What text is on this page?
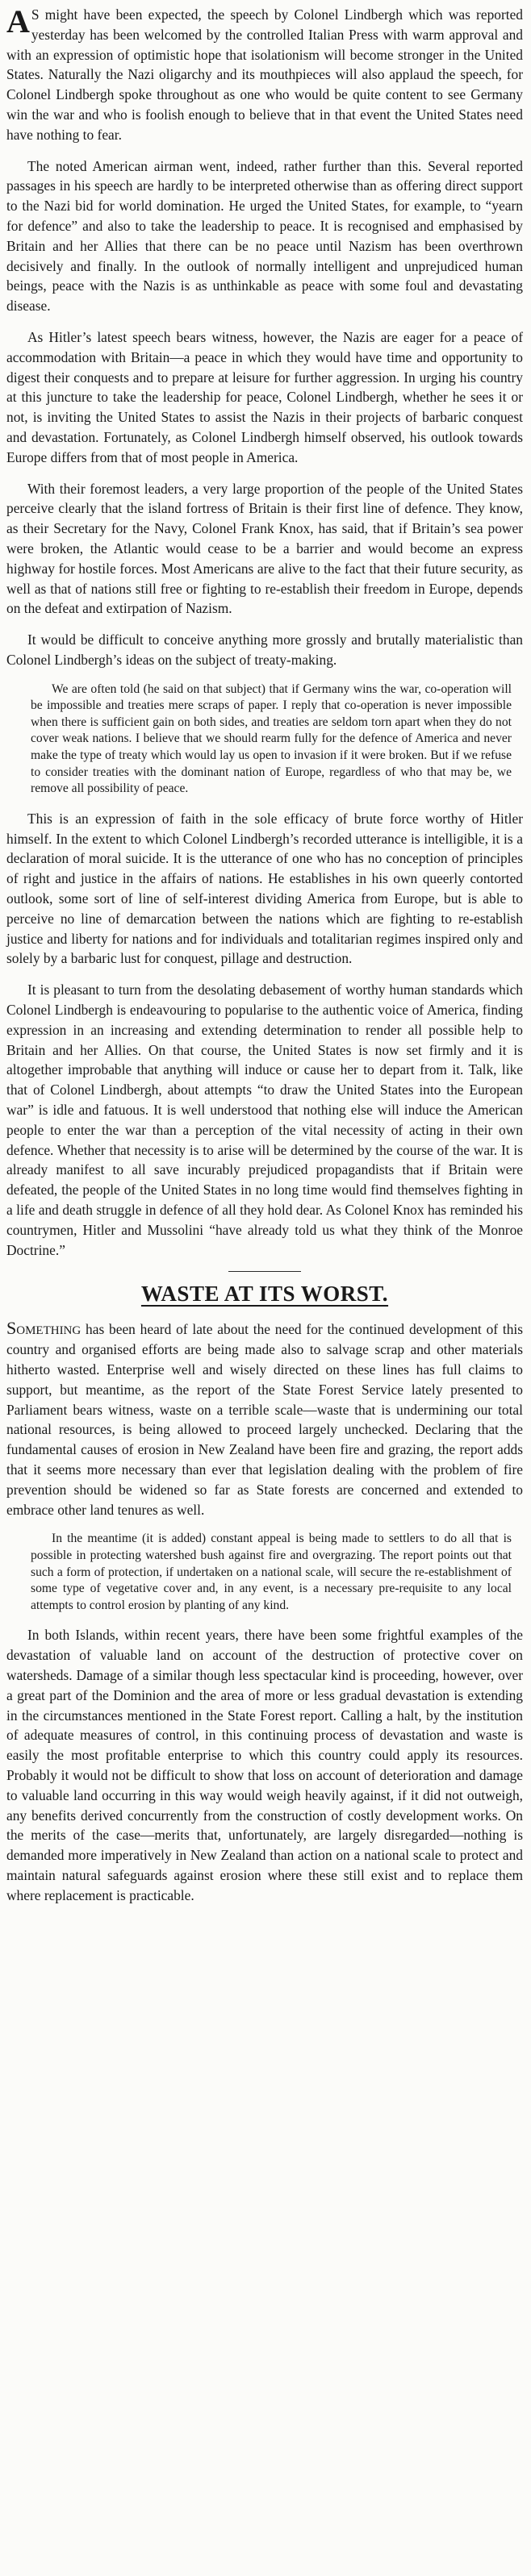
A S might have been expected, the speech by Colonel Lindbergh which was reported yesterday has been welcomed by the controlled Italian Press with warm approval and with an expression of optimistic hope that isolationism will become stronger in the United States. Naturally the Nazi oligarchy and its mouthpieces will also applaud the speech, for Colonel Lindbergh spoke throughout as one who would be quite content to see Germany win the war and who is foolish enough to believe that in that event the United States need have nothing to fear.

The noted American airman went, indeed, rather further than this. Several reported passages in his speech are hardly to be interpreted otherwise than as offering direct support to the Nazi bid for world domination. He urged the United States, for example, to “yearn for defence” and also to take the leadership to peace. It is recognised and emphasised by Britain and her Allies that there can be no peace until Nazism has been overthrown decisively and finally. In the outlook of normally intelligent and unprejudiced human beings, peace with the Nazis is as unthinkable as peace with some foul and devastating disease.

As Hitler’s latest speech bears witness, however, the Nazis are eager for a peace of accommodation with Britain—a peace in which they would have time and opportunity to digest their conquests and to prepare at leisure for further aggression. In urging his country at this juncture to take the leadership for peace, Colonel Lindbergh, whether he sees it or not, is inviting the United States to assist the Nazis in their projects of barbaric conquest and devastation. Fortunately, as Colonel Lindbergh himself observed, his outlook towards Europe differs from that of most people in America.

With their foremost leaders, a very large proportion of the people of the United States perceive clearly that the island fortress of Britain is their first line of defence. They know, as their Secretary for the Navy, Colonel Frank Knox, has said, that if Britain’s sea power were broken, the Atlantic would cease to be a barrier and would become an express highway for hostile forces. Most Americans are alive to the fact that their future security, as well as that of nations still free or fighting to re-establish their freedom in Europe, depends on the defeat and extirpation of Nazism.

It would be difficult to conceive anything more grossly and brutally materialistic than Colonel Lindbergh’s ideas on the subject of treaty-making.

We are often told (he said on that subject) that if Germany wins the war, co-operation will be impossible and treaties mere scraps of paper. I reply that co-operation is never impossible when there is sufficient gain on both sides, and treaties are seldom torn apart when they do not cover weak nations. I believe that we should rearm fully for the defence of America and never make the type of treaty which would lay us open to invasion if it were broken. But if we refuse to consider treaties with the dominant nation of Europe, regardless of who that may be, we remove all possibility of peace.

This is an expression of faith in the sole efficacy of brute force worthy of Hitler himself. In the extent to which Colonel Lindbergh’s recorded utterance is intelligible, it is a declaration of moral suicide. It is the utterance of one who has no conception of principles of right and justice in the affairs of nations. He establishes in his own queerly contorted outlook, some sort of line of self-interest dividing America from Europe, but is able to perceive no line of demarcation between the nations which are fighting to re-establish justice and liberty for nations and for individuals and totalitarian regimes inspired only and solely by a barbaric lust for conquest, pillage and destruction.

It is pleasant to turn from the desolating debasement of worthy human standards which Colonel Lindbergh is endeavouring to popularise to the authentic voice of America, finding expression in an increasing and extending determination to render all possible help to Britain and her Allies. On that course, the United States is now set firmly and it is altogether improbable that anything will induce or cause her to depart from it. Talk, like that of Colonel Lindbergh, about attempts “to draw the United States into the European war” is idle and fatuous. It is well understood that nothing else will induce the American people to enter the war than a perception of the vital necessity of acting in their own defence. Whether that necessity is to arise will be determined by the course of the war. It is already manifest to all save incurably prejudiced propagandists that if Britain were defeated, the people of the United States in no long time would find themselves fighting in a life and death struggle in defence of all they hold dear. As Colonel Knox has reminded his countrymen, Hitler and Mussolini “have already told us what they think of the Monroe Doctrine.”

WASTE AT ITS WORST.

Something has been heard of late about the need for the continued development of this country and organised efforts are being made also to salvage scrap and other materials hitherto wasted. Enterprise well and wisely directed on these lines has full claims to support, but meantime, as the report of the State Forest Service lately presented to Parliament bears witness, waste on a terrible scale—waste that is undermining our total national resources, is being allowed to proceed largely unchecked. Declaring that the fundamental causes of erosion in New Zealand have been fire and grazing, the report adds that it seems more necessary than ever that legislation dealing with the problem of fire prevention should be widened so far as State forests are concerned and extended to embrace other land tenures as well.

In the meantime (it is added) constant appeal is being made to settlers to do all that is possible in protecting watershed bush against fire and overgrazing. The report points out that such a form of protection, if undertaken on a national scale, will secure the re-establishment of some type of vegetative cover and, in any event, is a necessary pre-requisite to any local attempts to control erosion by planting of any kind.

In both Islands, within recent years, there have been some frightful examples of the devastation of valuable land on account of the destruction of protective cover on watersheds. Damage of a similar though less spectacular kind is proceeding, however, over a great part of the Dominion and the area of more or less gradual devastation is extending in the circumstances mentioned in the State Forest report. Calling a halt, by the institution of adequate measures of control, in this continuing process of devastation and waste is easily the most profitable enterprise to which this country could apply its resources. Probably it would not be difficult to show that loss on account of deterioration and damage to valuable land occurring in this way would weigh heavily against, if it did not outweigh, any benefits derived concurrently from the construction of costly development works. On the merits of the case—merits that, unfortunately, are largely disregarded—nothing is demanded more imperatively in New Zealand than action on a national scale to protect and maintain natural safeguards against erosion where these still exist and to replace them where replacement is practicable.
